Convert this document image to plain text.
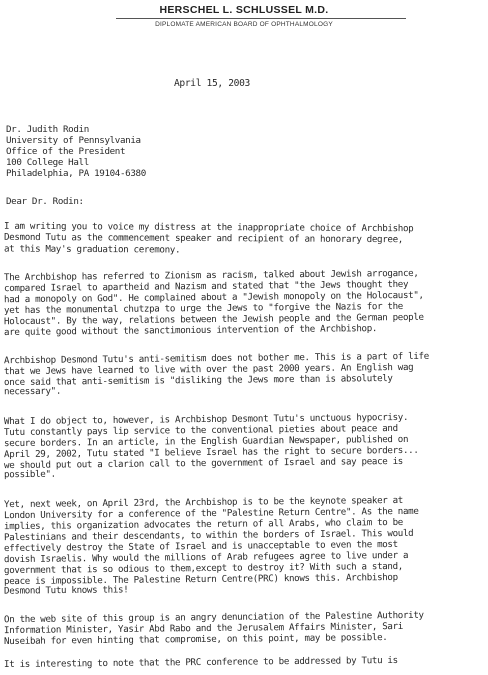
HERSCHEL L. SCHLUSSEL M.D.
DIPLOMATE AMERICAN BOARD OF OPHTHALMOLOGY
April 15, 2003
Dr. Judith Rodin
University of Pennsylvania
Office of the President
100 College Hall
Philadelphia, PA 19104-6380
Dear Dr. Rodin:
I am writing you to voice my distress at the inappropriate choice of Archbishop
Desmond Tutu as the commencement speaker and recipient of an honorary degree,
at this May's graduation ceremony.
The Archbishop has referred to Zionism as racism, talked about Jewish arrogance,
compared Israel to apartheid and Nazism and stated that "the Jews thought they
had a monopoly on God". He complained about a "Jewish monopoly on the Holocaust",
yet has the monumental chutzpa to urge the Jews to "forgive the Nazis for the
Holocaust". By the way, relations between the Jewish people and the German people
are quite good without the sanctimonious intervention of the Archbishop.
Archbishop Desmond Tutu's anti-semitism does not bother me. This is a part of life
that we Jews have learned to live with over the past 2000 years. An English wag
once said that anti-semitism is "disliking the Jews more than is absolutely
necessary".
What I do object to, however, is Archbishop Desmont Tutu's unctuous hypocrisy.
Tutu constantly pays lip service to the conventional pieties about peace and
secure borders. In an article, in the English Guardian Newspaper, published on
April 29, 2002, Tutu stated "I believe Israel has the right to secure borders...
we should put out a clarion call to the government of Israel and say peace is
possible".
Yet, next week, on April 23rd, the Archbishop is to be the keynote speaker at
London University for a conference of the "Palestine Return Centre". As the name
implies, this organization advocates the return of all Arabs, who claim to be
Palestinians and their descendants, to within the borders of Israel. This would
effectively destroy the State of Israel and is unacceptable to even the most
dovish Israelis. Why would the millions of Arab refugees agree to live under a
government that is so odious to them,except to destroy it? With such a stand,
peace is impossible. The Palestine Return Centre(PRC) knows this. Archbishop
Desmond Tutu knows this!
On the web site of this group is an angry denunciation of the Palestine Authority
Information Minister, Yasir Abd Rabo and the Jerusalem Affairs Minister, Sari
Nuseibah for even hinting that compromise, on this point, may be possible.
It is interesting to note that the PRC conference to be addressed by Tutu is
